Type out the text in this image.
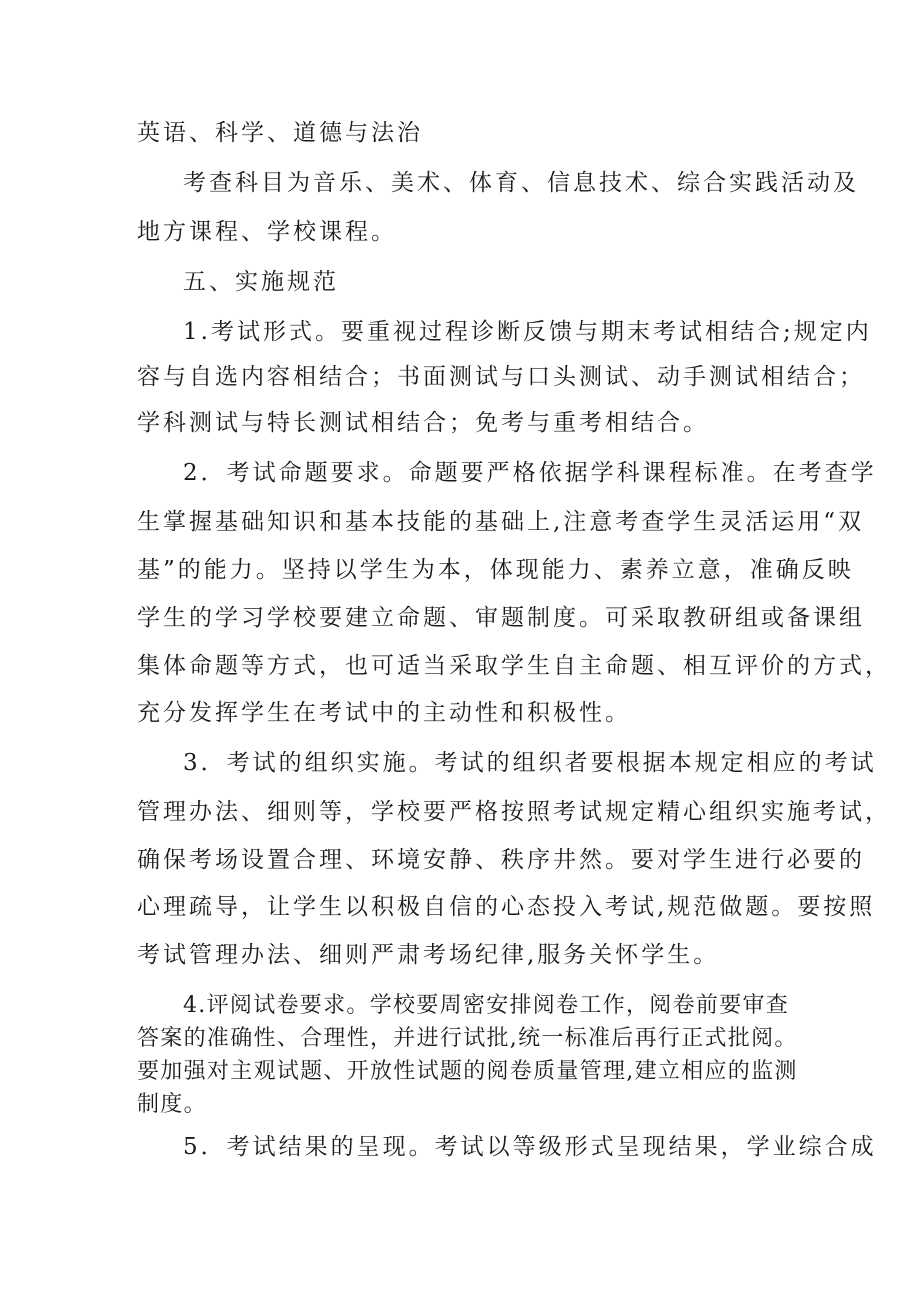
英语、科学、道德与法治
考查科目为音乐、美术、体育、信息技术、综合实践活动及
地方课程、学校课程。
五、实施规范
1.考试形式。要重视过程诊断反馈与期末考试相结合;规定内
容与自选内容相结合；书面测试与口头测试、动手测试相结合；
学科测试与特长测试相结合；免考与重考相结合。
2．考试命题要求。命题要严格依据学科课程标准。在考查学
生掌握基础知识和基本技能的基础上,注意考查学生灵活运用“双
基”的能力。坚持以学生为本，体现能力、素养立意，准确反映
学生的学习学校要建立命题、审题制度。可采取教研组或备课组
集体命题等方式，也可适当采取学生自主命题、相互评价的方式，
充分发挥学生在考试中的主动性和积极性。
3．考试的组织实施。考试的组织者要根据本规定相应的考试
管理办法、细则等，学校要严格按照考试规定精心组织实施考试，
确保考场设置合理、环境安静、秩序井然。要对学生进行必要的
心理疏导，让学生以积极自信的心态投入考试,规范做题。要按照
考试管理办法、细则严肃考场纪律,服务关怀学生。
4.评阅试卷要求。学校要周密安排阅卷工作，阅卷前要审查
答案的准确性、合理性，并进行试批,统一标准后再行正式批阅。
要加强对主观试题、开放性试题的阅卷质量管理,建立相应的监测
制度。
5．考试结果的呈现。考试以等级形式呈现结果，学业综合成
